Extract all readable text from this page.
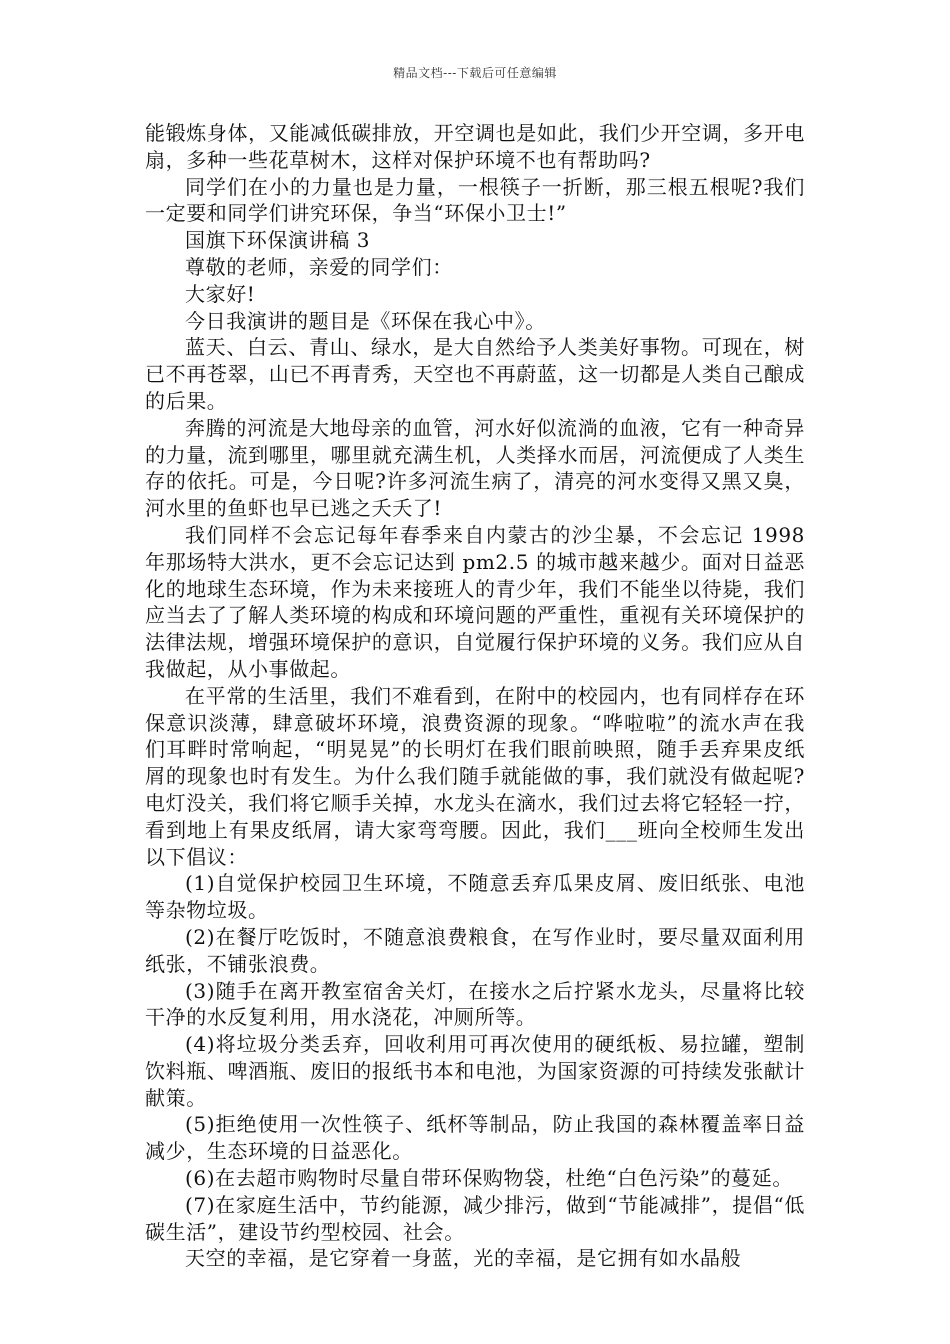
精品文档---下载后可任意编辑

能锻炼身体，又能减低碳排放，开空调也是如此，我们少开空调，多开电扇，多种一些花草树木，这样对保护环境不也有帮助吗?

同学们在小的力量也是力量，一根筷子一折断，那三根五根呢?我们一定要和同学们讲究环保，争当“环保小卫士!”

国旗下环保演讲稿 3

尊敬的老师，亲爱的同学们：

大家好!

今日我演讲的题目是《环保在我心中》。

蓝天、白云、青山、绿水，是大自然给予人类美好事物。可现在，树已不再苍翠，山已不再青秀，天空也不再蔚蓝，这一切都是人类自己酿成的后果。

奔腾的河流是大地母亲的血管，河水好似流淌的血液，它有一种奇异的力量，流到哪里，哪里就充满生机，人类择水而居，河流便成了人类生存的依托。可是，今日呢?许多河流生病了，清亮的河水变得又黑又臭，河水里的鱼虾也早已逃之夭夭了!

我们同样不会忘记每年春季来自内蒙古的沙尘暴，不会忘记 1998 年那场特大洪水，更不会忘记达到 pm2.5 的城市越来越少。面对日益恶化的地球生态环境，作为未来接班人的青少年，我们不能坐以待毙，我们应当去了了解人类环境的构成和环境问题的严重性，重视有关环境保护的法律法规，增强环境保护的意识，自觉履行保护环境的义务。我们应从自我做起，从小事做起。

在平常的生活里，我们不难看到，在附中的校园内，也有同样存在环保意识淡薄，肆意破坏环境，浪费资源的现象。“哗啦啦”的流水声在我们耳畔时常响起，“明晃晃”的长明灯在我们眼前映照，随手丢弃果皮纸屑的现象也时有发生。为什么我们随手就能做的事，我们就没有做起呢?电灯没关，我们将它顺手关掉，水龙头在滴水，我们过去将它轻轻一拧，看到地上有果皮纸屑，请大家弯弯腰。因此，我们___班向全校师生发出以下倡议：

(1)自觉保护校园卫生环境，不随意丢弃瓜果皮屑、废旧纸张、电池等杂物垃圾。

(2)在餐厅吃饭时，不随意浪费粮食，在写作业时，要尽量双面利用纸张，不铺张浪费。

(3)随手在离开教室宿舍关灯，在接水之后拧紧水龙头，尽量将比较干净的水反复利用，用水浇花，冲厕所等。

(4)将垃圾分类丢弃，回收利用可再次使用的硬纸板、易拉罐，塑制饮料瓶、啤酒瓶、废旧的报纸书本和电池，为国家资源的可持续发张献计献策。

(5)拒绝使用一次性筷子、纸杯等制品，防止我国的森林覆盖率日益减少，生态环境的日益恶化。

(6)在去超市购物时尽量自带环保购物袋，杜绝“白色污染”的蔓延。

(7)在家庭生活中，节约能源，减少排污，做到“节能减排”，提倡“低碳生活”，建设节约型校园、社会。

天空的幸福，是它穿着一身蓝，光的幸福，是它拥有如水晶般
